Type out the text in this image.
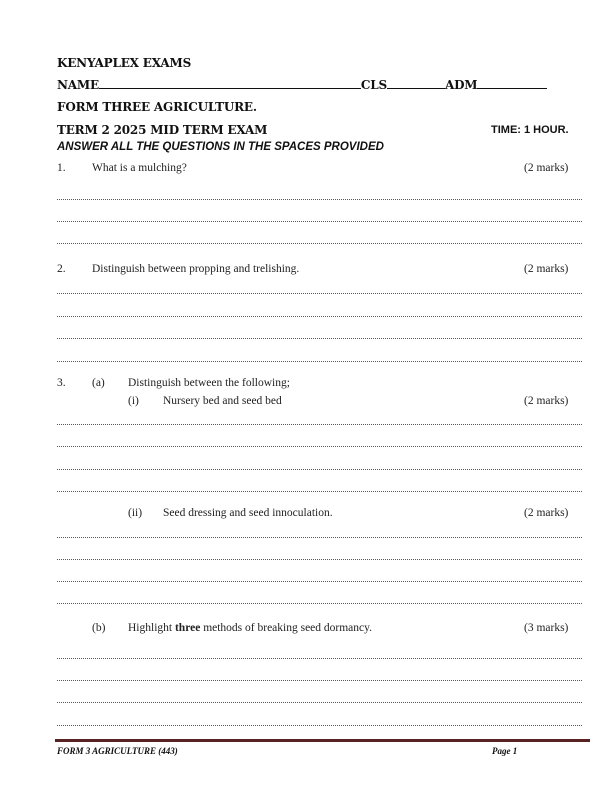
KENYAPLEX EXAMS
NAME	CLS	ADM
FORM THREE AGRICULTURE.
TERM 2 2025 MID TERM EXAM	TIME: 1 HOUR.
ANSWER ALL THE QUESTIONS IN THE SPACES PROVIDED
1. What is a mulching?	(2 marks)
2. Distinguish between propping and trelishing.	(2 marks)
3. (a) Distinguish between the following;
(i) Nursery bed and seed bed	(2 marks)
(ii) Seed dressing and seed innoculation.	(2 marks)
(b) Highlight three methods of breaking seed dormancy.	(3 marks)
FORM 3 AGRICULTURE (443)	Page 1
